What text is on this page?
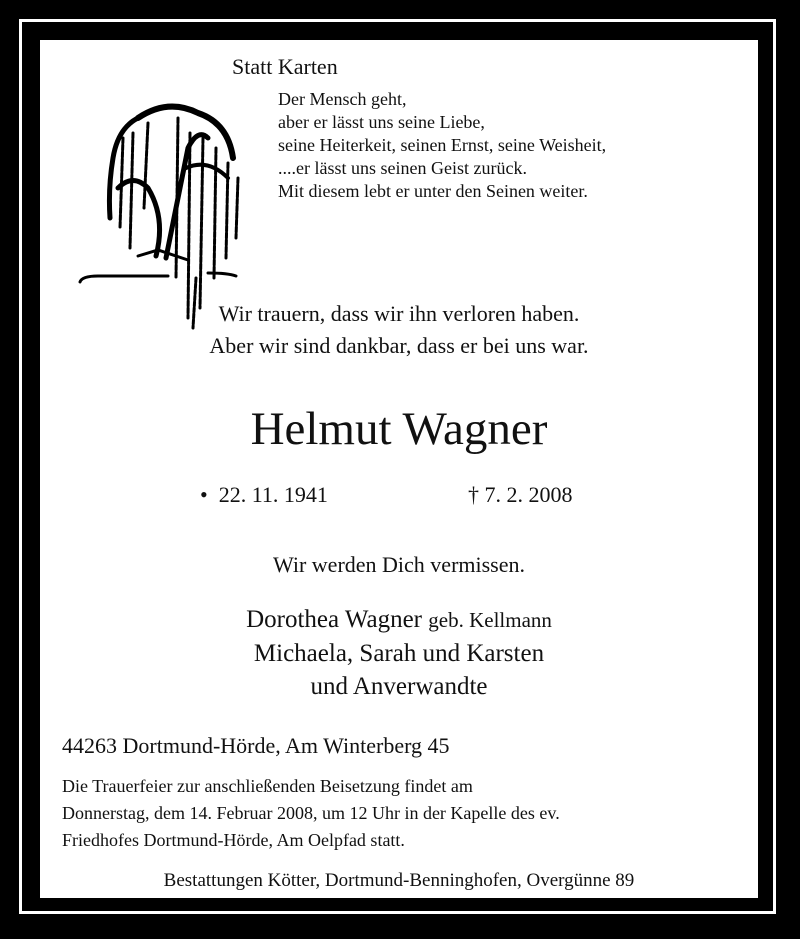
Statt Karten
Der Mensch geht,
aber er lässt uns seine Liebe,
seine Heiterkeit, seinen Ernst, seine Weisheit,
....er lässt uns seinen Geist zurück.
Mit diesem lebt er unter den Seinen weiter.
Wir trauern, dass wir ihn verloren haben.
Aber wir sind dankbar, dass er bei uns war.
Helmut Wagner
• 22. 11. 1941	† 7. 2. 2008
Wir werden Dich vermissen.
Dorothea Wagner geb. Kellmann
Michaela, Sarah und Karsten
und Anverwandte
44263 Dortmund-Hörde, Am Winterberg 45
Die Trauerfeier zur anschließenden Beisetzung findet am
Donnerstag, dem 14. Februar 2008, um 12 Uhr in der Kapelle des ev.
Friedhofes Dortmund-Hörde, Am Oelpfad statt.
Bestattungen Kötter, Dortmund-Benninghofen, Overgünne 89
